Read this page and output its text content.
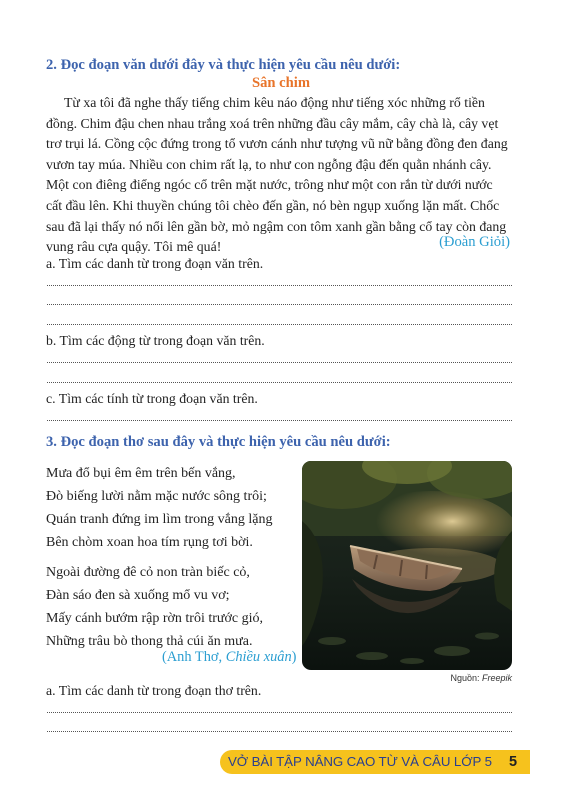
2. Đọc đoạn văn dưới đây và thực hiện yêu cầu nêu dưới:
Sân chim
Từ xa tôi đã nghe thấy tiếng chim kêu náo động như tiếng xóc những rổ tiền
đồng. Chim đậu chen nhau trắng xoá trên những đầu cây mắm, cây chà là, cây vẹt
trơ trụi lá. Cồng cộc đứng trong tổ vươn cánh như tượng vũ nữ bằng đồng đen đang
vươn tay múa. Nhiều con chim rất lạ, to như con ngỗng đậu đến quằn nhánh cây.
Một con điêng điểng ngóc cổ trên mặt nước, trông như một con rắn từ dưới nước
cất đầu lên. Khi thuyền chúng tôi chèo đến gần, nó bèn ngụp xuống lặn mất. Chốc
sau đã lại thấy nó nổi lên gần bờ, mỏ ngậm con tôm xanh gần bằng cổ tay còn đang
vung râu cựa quậy. Tôi mê quá!	(Đoàn Giỏi)
a. Tìm các danh từ trong đoạn văn trên.
b. Tìm các động từ trong đoạn văn trên.
c. Tìm các tính từ trong đoạn văn trên.
3. Đọc đoạn thơ sau đây và thực hiện yêu cầu nêu dưới:
Mưa đổ bụi êm êm trên bến vắng,
Đò biếng lười nằm mặc nước sông trôi;
Quán tranh đứng im lìm trong vắng lặng
Bên chòm xoan hoa tím rụng tơi bời.
Ngoài đường đê cỏ non tràn biếc cỏ,
Đàn sáo đen sà xuống mổ vu vơ;
Mấy cánh bướm rập rờn trôi trước gió,
Những trâu bò thong thả cúi ăn mưa.
(Anh Thơ, Chiều xuân)
Nguồn: Freepik
a. Tìm các danh từ trong đoạn thơ trên.
VỞ BÀI TẬP NÂNG CAO TỪ VÀ CÂU LỚP 5	5
